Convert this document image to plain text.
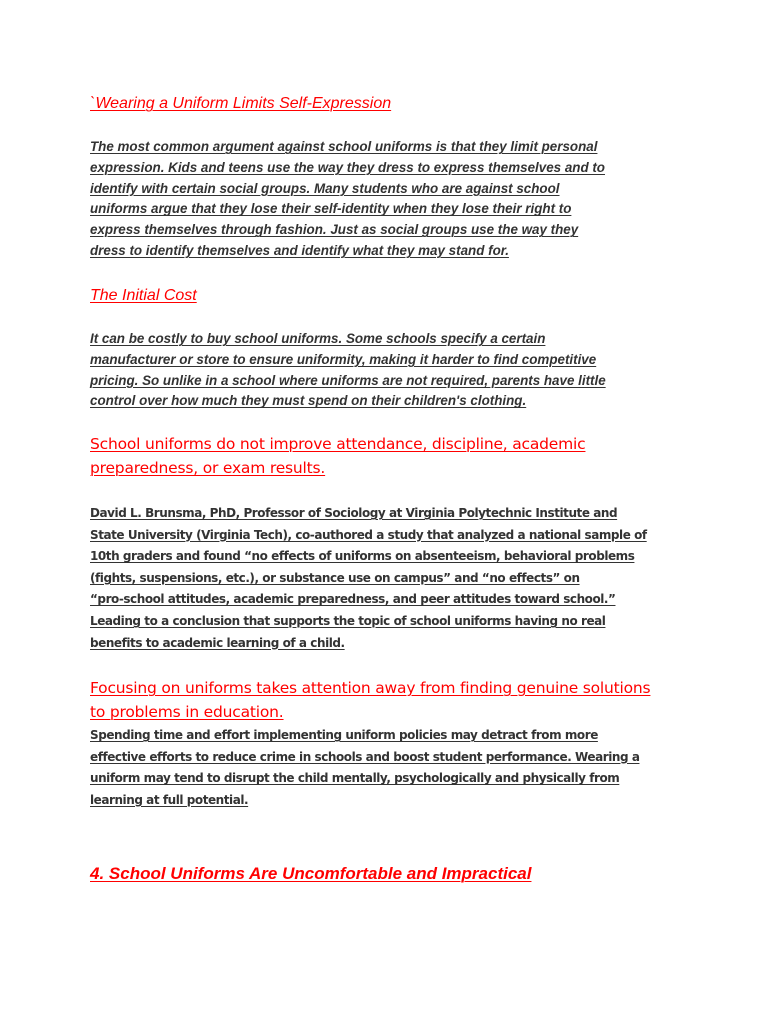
`Wearing a Uniform Limits Self-Expression

The most common argument against school uniforms is that they limit personal
expression. Kids and teens use the way they dress to express themselves and to
identify with certain social groups. Many students who are against school
uniforms argue that they lose their self-identity when they lose their right to
express themselves through fashion. Just as social groups use the way they
dress to identify themselves and identify what they may stand for.

The Initial Cost

It can be costly to buy school uniforms. Some schools specify a certain
manufacturer or store to ensure uniformity, making it harder to find competitive
pricing. So unlike in a school where uniforms are not required, parents have little
control over how much they must spend on their children's clothing.

School uniforms do not improve attendance, discipline, academic
preparedness, or exam results.

David L. Brunsma, PhD, Professor of Sociology at Virginia Polytechnic Institute and
State University (Virginia Tech), co-authored a study that analyzed a national sample of
10th graders and found “no effects of uniforms on absenteeism, behavioral problems
(fights, suspensions, etc.), or substance use on campus” and “no effects” on
“pro-school attitudes, academic preparedness, and peer attitudes toward school.”
Leading to a conclusion that supports the topic of school uniforms having no real
benefits to academic learning of a child.

Focusing on uniforms takes attention away from finding genuine solutions
to problems in education.

Spending time and effort implementing uniform policies may detract from more
effective efforts to reduce crime in schools and boost student performance. Wearing a
uniform may tend to disrupt the child mentally, psychologically and physically from
learning at full potential.

4. School Uniforms Are Uncomfortable and Impractical
